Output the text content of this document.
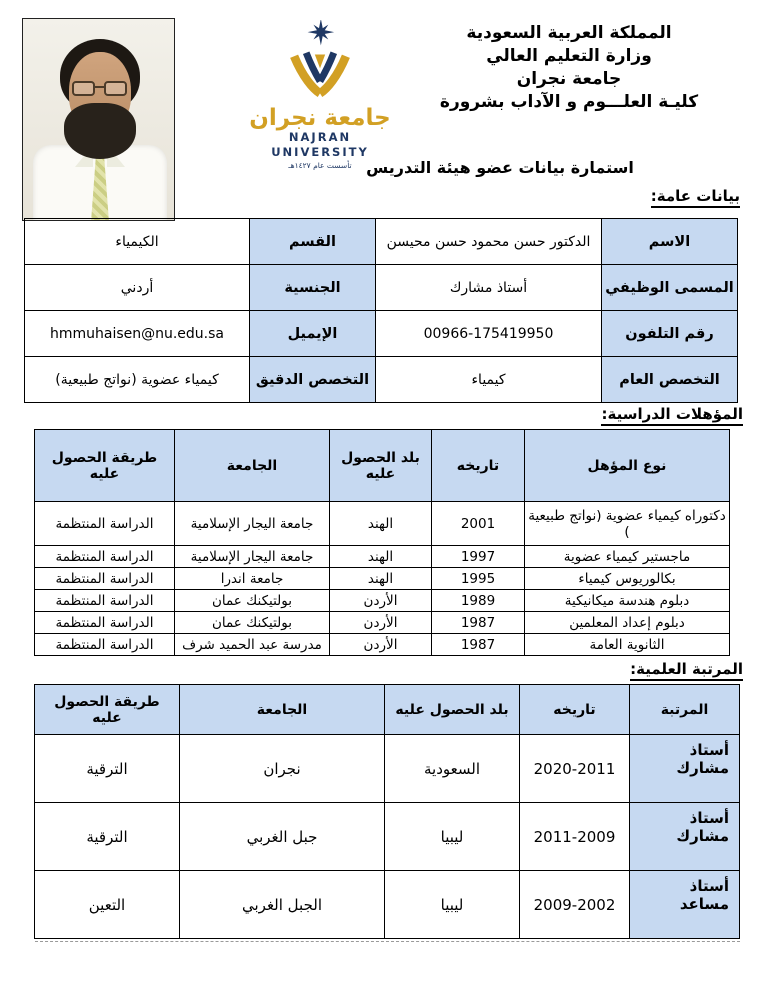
جامعة نجران
NAJRAN UNIVERSITY
تأسست عام ١٤٢٧هـ
المملكة العربية السعودية
وزارة التعليم العالي
جامعة نجران
كليـة العلـــوم و الآداب بشرورة
استمارة بيانات عضو هيئة التدريس
بيانات عامة:
الاسم	الدكتور حسن محمود حسن محيسن	القسم	الكيمياء
المسمى الوظيفي	أستاذ مشارك	الجنسية	أردني
رقم التلفون	00966-175419950	الإيميل	hmmuhaisen@nu.edu.sa
التخصص العام	كيمياء	التخصص الدقيق	كيمياء عضوية (نواتج طبيعية)
المؤهلات الدراسية:
نوع المؤهل	تاريخه	بلد الحصول عليه	الجامعة	طريقة الحصول عليه
دكتوراه كيمياء عضوية (نواتج طبيعية )	2001	الهند	جامعة اليجار الإسلامية	الدراسة المنتظمة
ماجستير كيمياء عضوية	1997	الهند	جامعة اليجار الإسلامية	الدراسة المنتظمة
بكالوريوس كيمياء	1995	الهند	جامعة اندرا	الدراسة المنتظمة
دبلوم هندسة ميكانيكية	1989	الأردن	بولتيكنك عمان	الدراسة المنتظمة
دبلوم إعداد المعلمين	1987	الأردن	بولتيكنك عمان	الدراسة المنتظمة
الثانوية العامة	1987	الأردن	مدرسة عبد الحميد شرف	الدراسة المنتظمة
المرتبة العلمية:
المرتبة	تاريخه	بلد الحصول عليه	الجامعة	طريقة الحصول عليه
أستاذ مشارك	2020-2011	السعودية	نجران	الترقية
أستاذ مشارك	2011-2009	ليبيا	جبل الغربي	الترقية
أستاذ مساعد	2009-2002	ليبيا	الجبل الغربي	التعين
